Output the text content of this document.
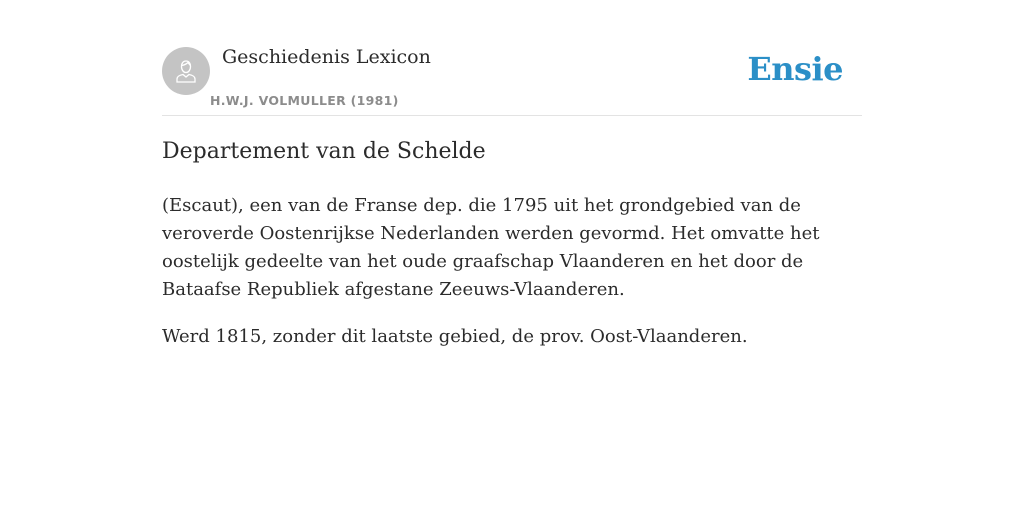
Geschiedenis Lexicon
H.W.J. VOLMULLER (1981)
Ensie
Departement van de Schelde

(Escaut), een van de Franse dep. die 1795 uit het grondgebied van de veroverde Oostenrijkse Nederlanden werden gevormd. Het omvatte het oostelijk gedeelte van het oude graafschap Vlaanderen en het door de Bataafse Republiek afgestane Zeeuws-Vlaanderen.

Werd 1815, zonder dit laatste gebied, de prov. Oost-Vlaanderen.
